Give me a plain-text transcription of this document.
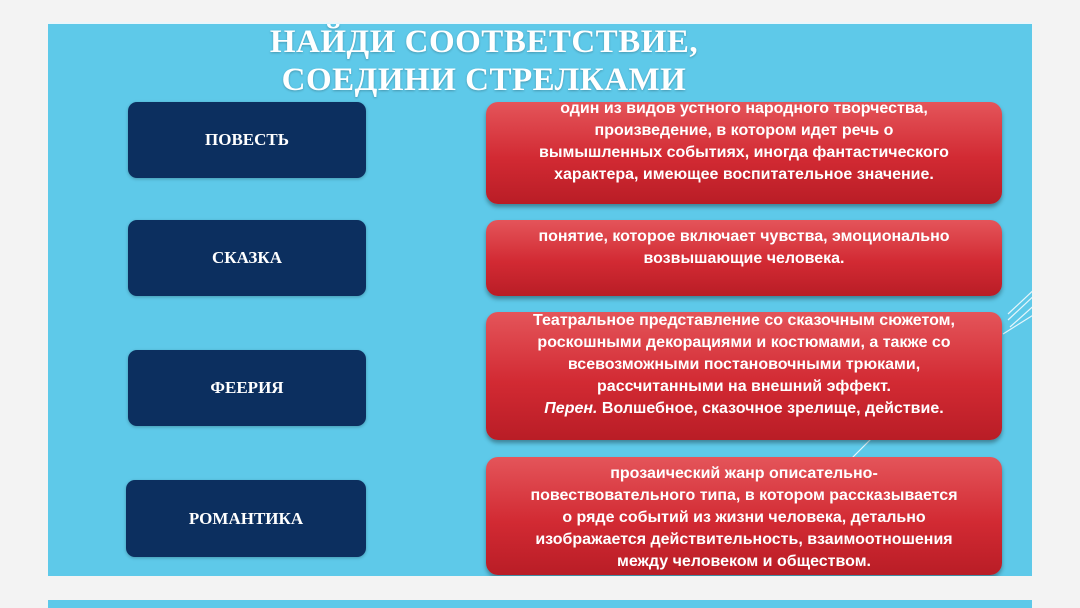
НАЙДИ СООТВЕТСТВИЕ,
СОЕДИНИ СТРЕЛКАМИ
ПОВЕСТЬ
СКАЗКА
ФЕЕРИЯ
РОМАНТИКА
один из видов устного народного творчества,
произведение, в котором идет речь о
вымышленных событиях, иногда фантастического
характера, имеющее воспитательное значение.
понятие, которое включает чувства, эмоционально
возвышающие человека.
Театральное представление со сказочным сюжетом,
роскошными декорациями и костюмами, а также со
всевозможными постановочными трюками,
рассчитанными на внешний эффект.
Перен. Волшебное, сказочное зрелище, действие.
прозаический жанр описательно-
повествовательного типа, в котором рассказывается
о ряде событий из жизни человека, детально
изображается действительность, взаимоотношения
между человеком и обществом.
